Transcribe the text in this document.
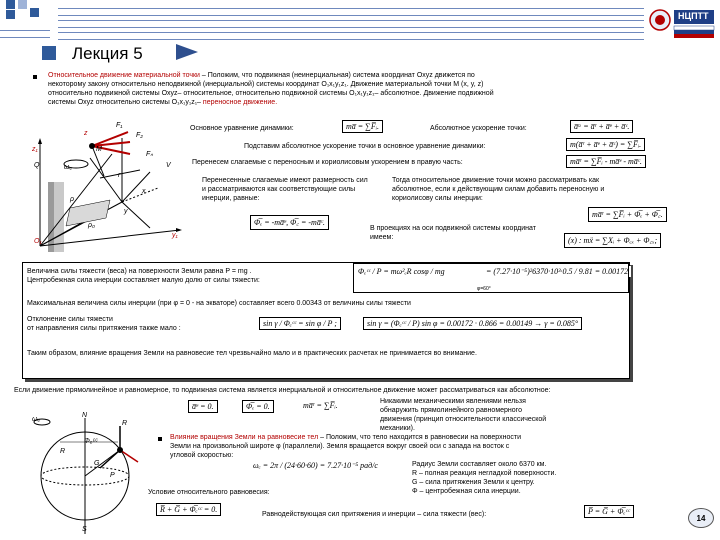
НЦПТТ
Лекция 5
Относительное движение материальной точки – Положим, что подвижная (неинерциальная) система координат Oxyz движется по
некоторому закону относительно неподвижной (инерциальной) системы координат O₁x₁y₁z₁. Движение материальной точки M (x, y, z)
относительно подвижной системы Oxyz– относительное, относительно подвижной системы O₁x₁y₁z₁– абсолютное. Движение подвижной
системы Oxyz относительно системы O₁x₁y₁z₁– переносное движение.
z₁
Q
O₁
y₁
z
M
F₁
F₂
Fₙ
ωₑ	V
x
y
ρ
ρ₀
r
Основное уравнение динамики:	ma̅ = ∑F̅ᵢ.	Абсолютное ускорение точки:	a̅ᵃ = a̅ʳ + a̅ᵉ + a̅ᶜ.
Подставим абсолютное ускорение точки в основное уравнение динамики:	m(a̅ʳ + a̅ᵉ + a̅ᶜ) = ∑F̅ᵢ.
Перенесем слагаемые с переносным и кориолисовым ускорением в правую часть:	ma̅ʳ = ∑F̅ᵢ - ma̅ᵉ - ma̅ᶜ.
Перенесенные слагаемые имеют размерность сил и рассматриваются как соответствующие силы инерции, равные:
Φ̅ₑ = -ma̅ᵉ, Φ̅꜀ = -ma̅ᶜ.
Тогда относительное движение точки можно рассматривать как абсолютное, если к действующим силам добавить переносную и кориолисову силы инерции:
ma̅ʳ = ∑F̅ᵢ + Φ̅ₑ + Φ̅꜀.
В проекциях на оси подвижной системы координат имеем:	(x) : mẍ = ∑Xᵢ + Φₑₓ + Φ꜀ₓ;
Величина силы тяжести (веса) на поверхности Земли равна P = mg .
Центробежная сила инерции составляет малую долю от силы тяжести:
Φₑᶜᶜ / P = mω²ₑR cosφ / mg	= (7.27·10⁻⁵)²6370·10³·0.5 / 9.81 = 0.00172
φ=60°
Максимальная величина силы инерции (при φ = 0 - на экваторе) составляет всего 0.00343 от величины силы тяжести
Отклонение силы тяжести
от направления силы притяжения также мало :
sin γ / Φₑᶜᶜ = sin φ / P ;	sin γ = (Φₑᶜᶜ / P) sin φ = 0.00172 · 0.866 = 0.00149 → γ = 0.085°
Таким образом, влияние вращения Земли на равновесие тел чрезвычайно мало и в практических расчетах не принимается во внимание.
Если движение прямолинейное и равномерное, то подвижная система является инерциальной и относительное движение может рассматриваться как абсолютное:
a̅ᵉ = 0.	Φ̅ₑ = 0.	ma̅ʳ = ∑F̅ᵢ.	Никакими механическими явлениями нельзя обнаружить прямолинейного равномерного движения (принцип относительности классической механики).
ωₑ
N
S
R
R
Φₑᶜᶜ
G
P
Влияние вращения Земли на равновесие тел – Положим, что тело находится в равновесии на поверхности
Земли на произвольной широте φ (параллели). Земля вращается вокруг своей оси с запада на восток с
угловой скоростью:
ωₑ = 2π / (24·60·60) = 7.27·10⁻⁵ рад/с	Радиус Земли составляет около 6370 км.
R – полная реакция негладкой поверхности.
G – сила притяжения Земли к центру.
Φ – центробежная сила инерции.
Условие относительного равновесия:
R̅ + G̅ + Φ̅ₑᶜᶜ = 0.
Равнодействующая сил притяжения и инерции – сила тяжести (вес):	P̅ = G̅ + Φ̅ₑᶜᶜ
14
